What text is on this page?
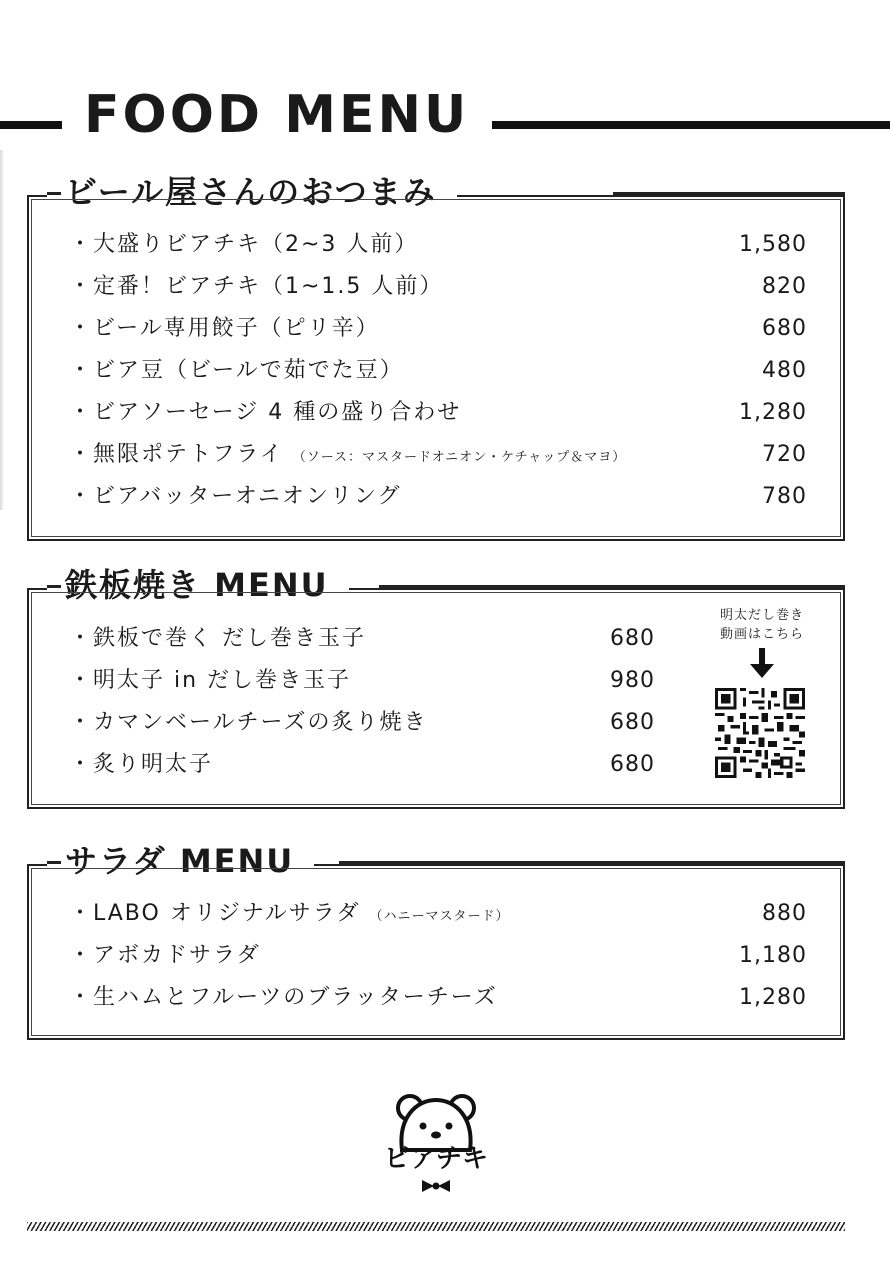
FOOD MENU
ビール屋さんのおつまみ
・大盛りビアチキ（2~3 人前）	1,580
・定番！ビアチキ（1~1.5 人前）	820
・ビール専用餃子（ピリ辛）	680
・ビア豆（ビールで茹でた豆）	480
・ビアソーセージ 4 種の盛り合わせ	1,280
・無限ポテトフライ （ソース：マスタードオニオン・ケチャップ＆マヨ）	720
・ビアバッターオニオンリング	780
鉄板焼き MENU
・鉄板で巻く だし巻き玉子	680
・明太子 in だし巻き玉子	980
・カマンベールチーズの炙り焼き	680
・炙り明太子	680
明太だし巻き
動画はこちら
サラダ MENU
・LABO オリジナルサラダ （ハニーマスタード）	880
・アボカドサラダ	1,180
・生ハムとフルーツのブラッターチーズ	1,280
ビアチキ
